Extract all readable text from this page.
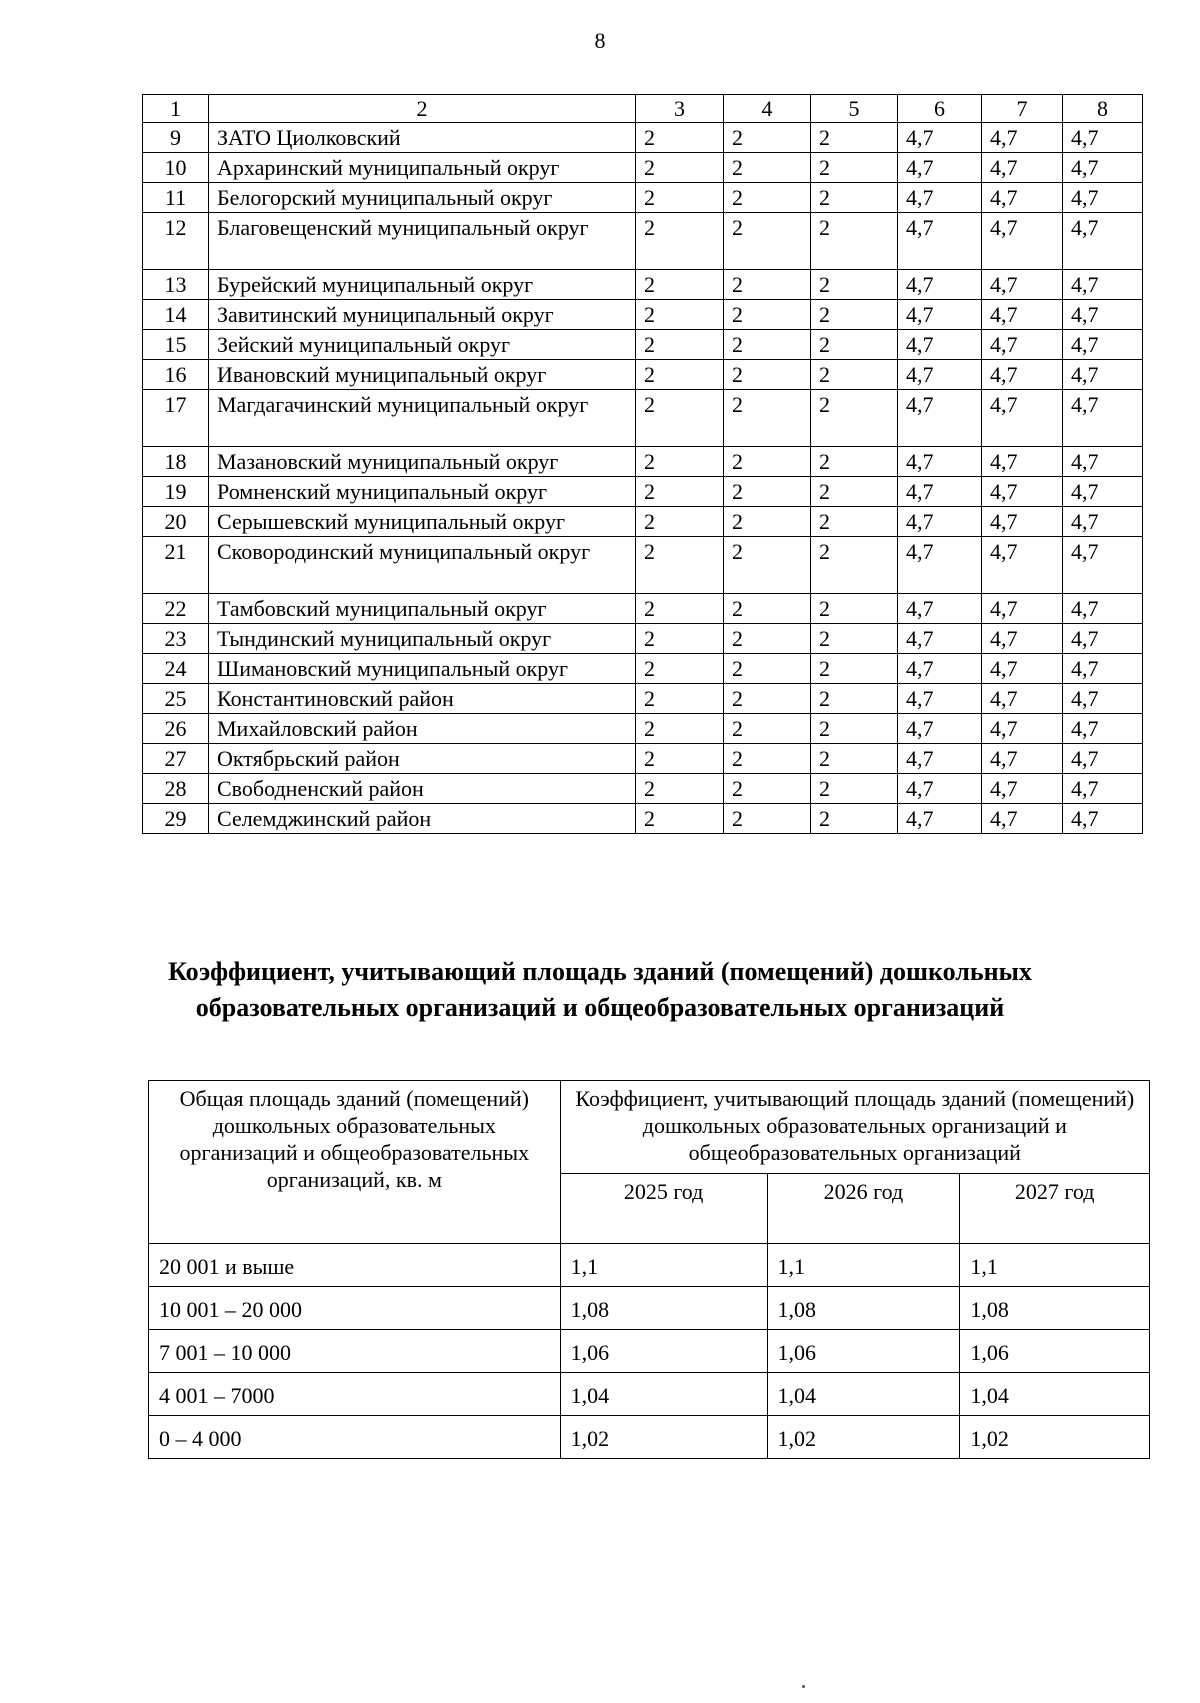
8
1	2	3	4	5	6	7	8
9	ЗАТО Циолковский	2	2	2	4,7	4,7	4,7
10	Архаринский муниципальный округ	2	2	2	4,7	4,7	4,7
11	Белогорский муниципальный округ	2	2	2	4,7	4,7	4,7
12	Благовещенский муниципальный округ	2	2	2	4,7	4,7	4,7
13	Бурейский муниципальный округ	2	2	2	4,7	4,7	4,7
14	Завитинский муниципальный округ	2	2	2	4,7	4,7	4,7
15	Зейский муниципальный округ	2	2	2	4,7	4,7	4,7
16	Ивановский муниципальный округ	2	2	2	4,7	4,7	4,7
17	Магдагачинский муниципальный округ	2	2	2	4,7	4,7	4,7
18	Мазановский муниципальный округ	2	2	2	4,7	4,7	4,7
19	Ромненский муниципальный округ	2	2	2	4,7	4,7	4,7
20	Серышевский муниципальный округ	2	2	2	4,7	4,7	4,7
21	Сковородинский муниципальный округ	2	2	2	4,7	4,7	4,7
22	Тамбовский муниципальный округ	2	2	2	4,7	4,7	4,7
23	Тындинский муниципальный округ	2	2	2	4,7	4,7	4,7
24	Шимановский муниципальный округ	2	2	2	4,7	4,7	4,7
25	Константиновский район	2	2	2	4,7	4,7	4,7
26	Михайловский район	2	2	2	4,7	4,7	4,7
27	Октябрьский район	2	2	2	4,7	4,7	4,7
28	Свободненский район	2	2	2	4,7	4,7	4,7
29	Селемджинский район	2	2	2	4,7	4,7	4,7
Коэффициент, учитывающий площадь зданий (помещений) дошкольных
образовательных организаций и общеобразовательных организаций
Общая площадь зданий (помещений) дошкольных образовательных организаций и общеобразовательных организаций, кв. м	Коэффициент, учитывающий площадь зданий (помещений) дошкольных образовательных организаций и общеобразовательных организаций		
	2025 год	2026 год	2027 год
20 001 и выше	1,1	1,1	1,1
10 001 – 20 000	1,08	1,08	1,08
7 001 – 10 000	1,06	1,06	1,06
4 001 – 7000	1,04	1,04	1,04
0 – 4 000	1,02	1,02	1,02
